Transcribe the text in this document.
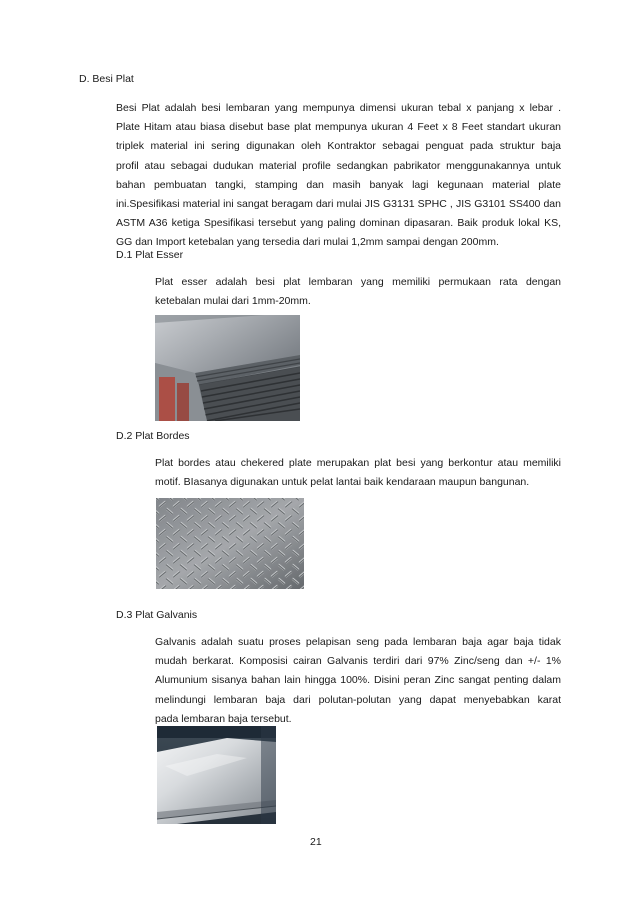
D. Besi Plat
Besi Plat adalah besi lembaran yang mempunya dimensi ukuran tebal x panjang x lebar .
Plate Hitam atau biasa disebut base plat mempunya ukuran 4 Feet x 8 Feet standart ukuran
triplek material ini sering digunakan oleh Kontraktor sebagai penguat pada struktur baja
profil atau sebagai dudukan material profile sedangkan pabrikator menggunakannya untuk
bahan pembuatan tangki, stamping dan masih banyak lagi kegunaan material plate
ini.Spesifikasi material ini sangat beragam dari mulai JIS G3131 SPHC , JIS G3101 SS400 dan
ASTM A36 ketiga Spesifikasi tersebut yang paling dominan dipasaran. Baik produk lokal KS,
GG dan Import ketebalan yang tersedia dari mulai 1,2mm sampai dengan 200mm.
D.1 Plat Esser
Plat esser adalah besi plat lembaran yang memiliki permukaan rata dengan
ketebalan mulai dari 1mm-20mm.
D.2 Plat Bordes
Plat bordes atau chekered plate merupakan plat besi yang berkontur atau memiliki
motif. BIasanya digunakan untuk pelat lantai baik kendaraan maupun bangunan.
D.3 Plat Galvanis
Galvanis adalah suatu proses pelapisan seng pada lembaran baja agar baja tidak
mudah berkarat. Komposisi cairan Galvanis terdiri dari 97% Zinc/seng dan +/- 1%
Alumunium sisanya bahan lain hingga 100%. Disini peran Zinc sangat penting dalam
melindungi lembaran baja dari polutan-polutan yang dapat menyebabkan karat
pada lembaran baja tersebut.
21
